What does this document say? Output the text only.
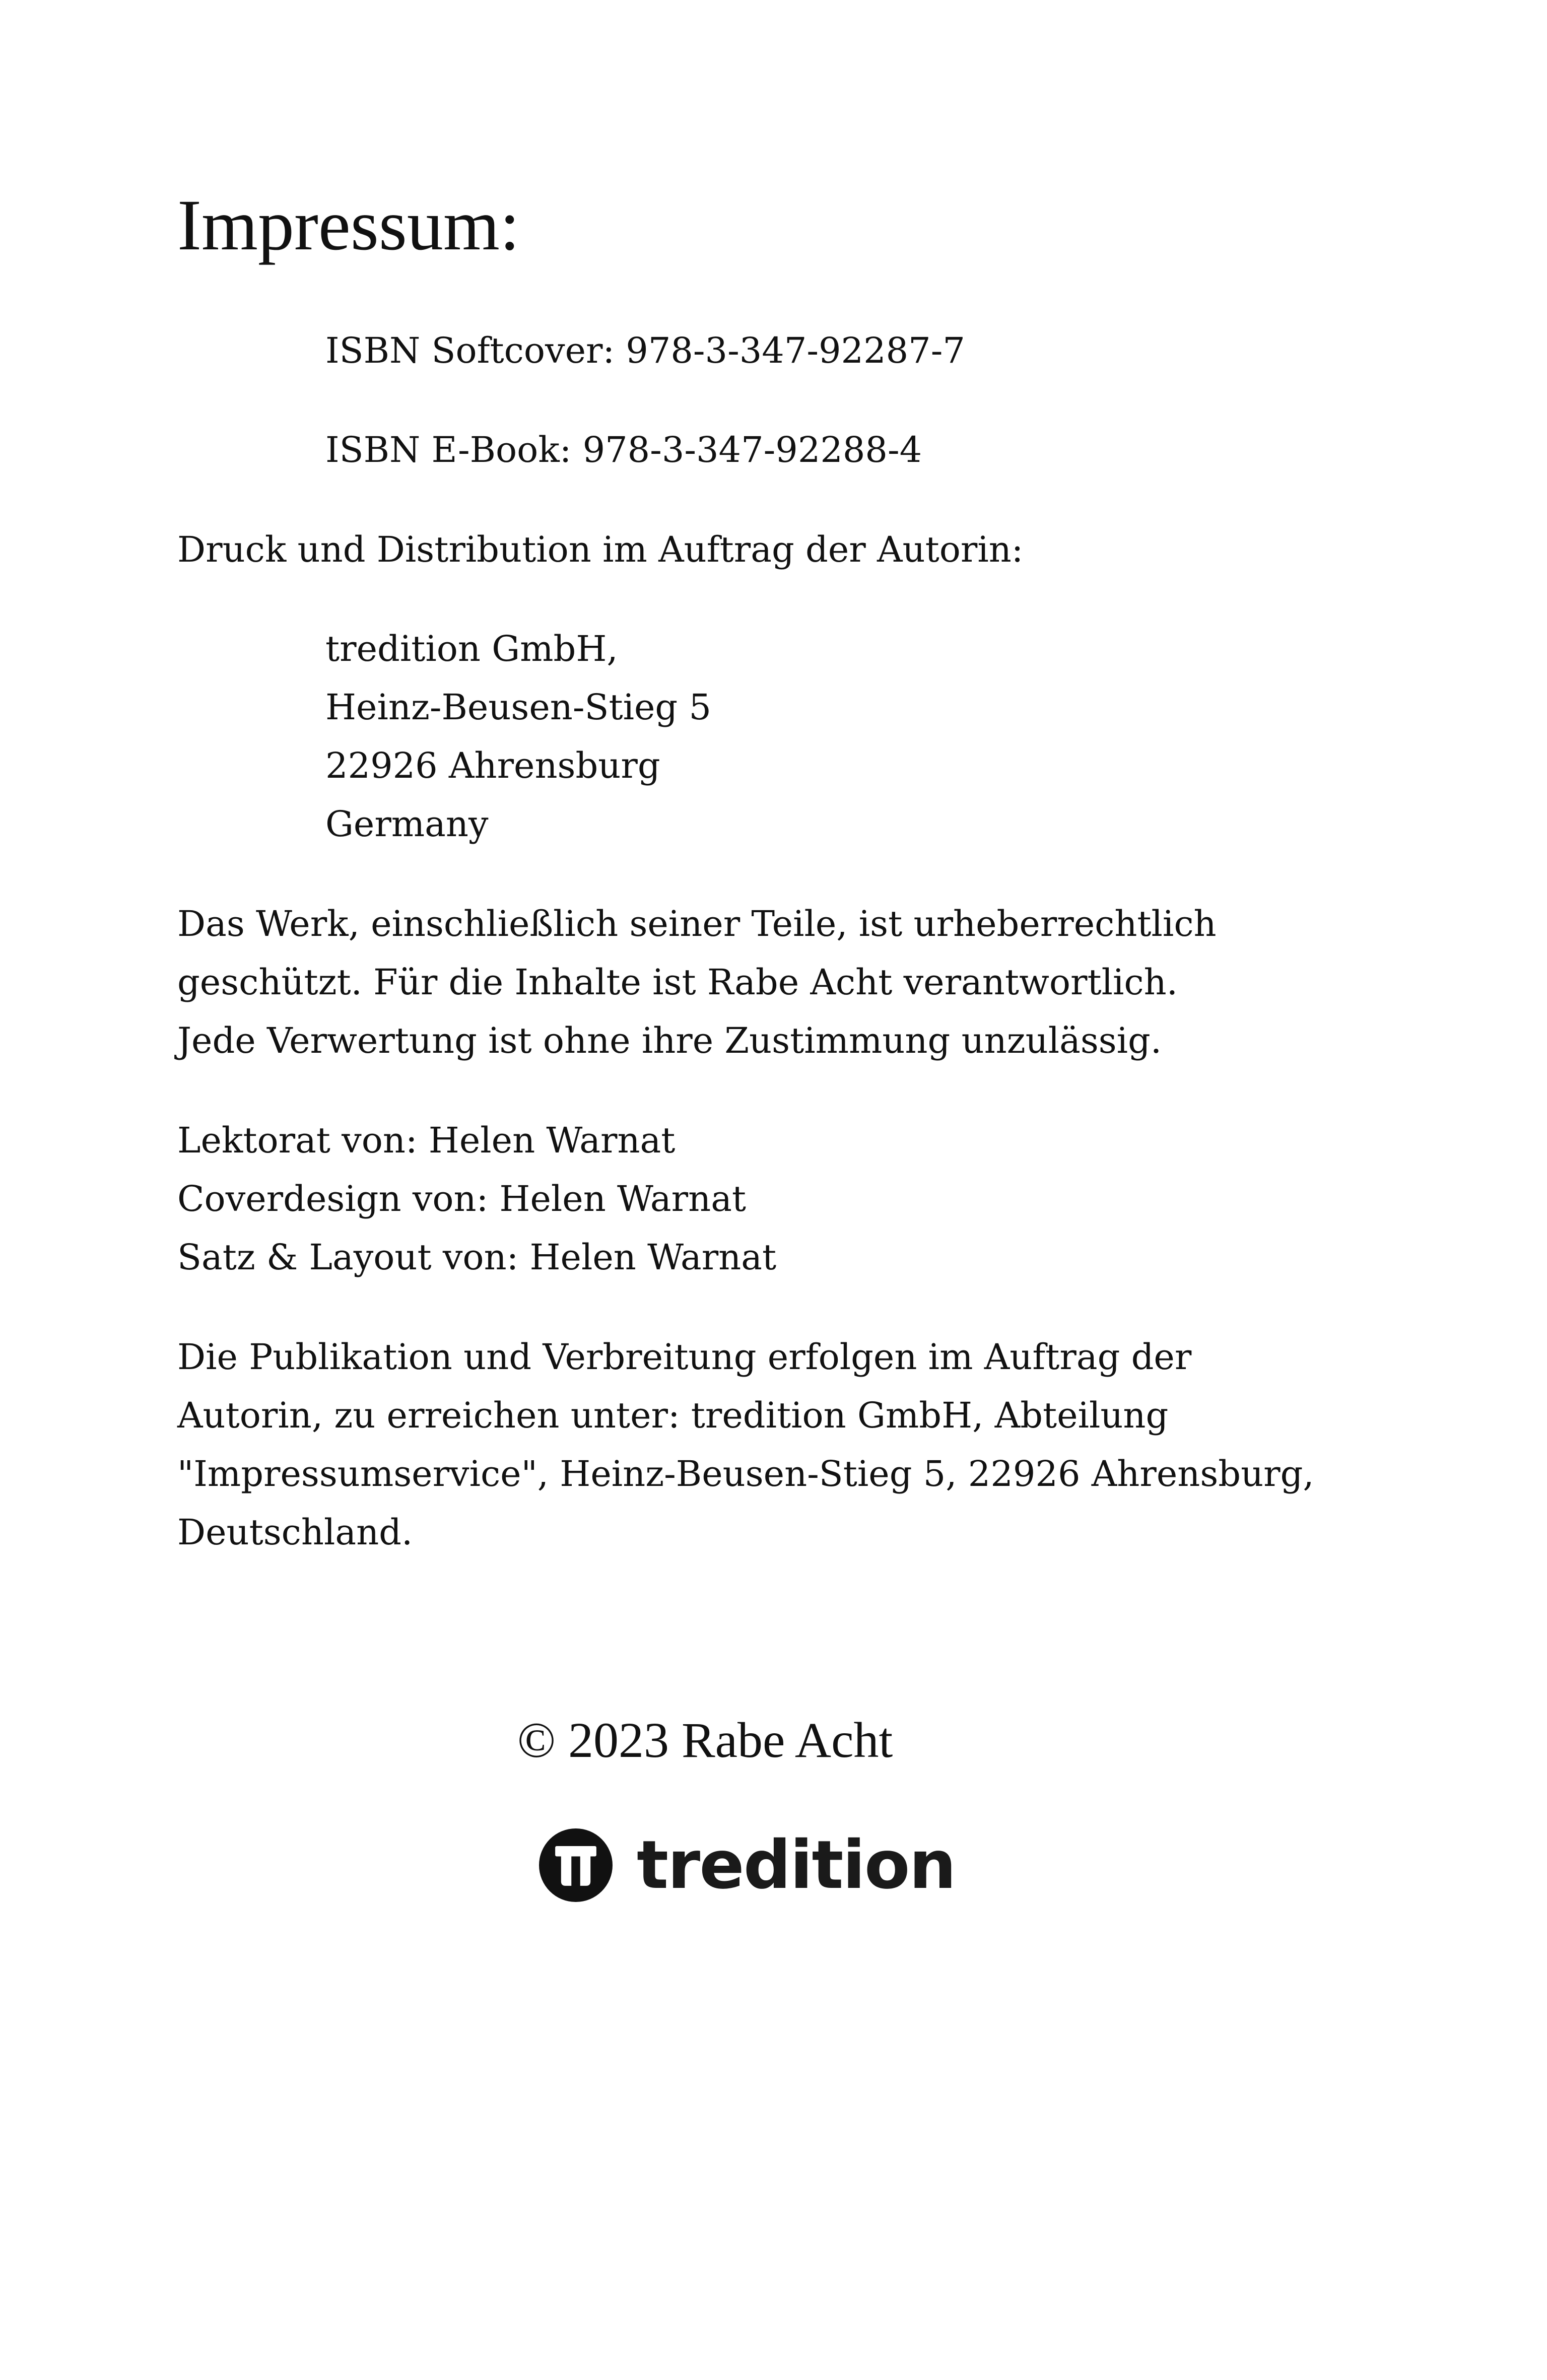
Impressum:
ISBN Softcover: 978-3-347-92287-7
ISBN E-Book: 978-3-347-92288-4
Druck und Distribution im Auftrag der Autorin:
tredition GmbH,
Heinz-Beusen-Stieg 5
22926 Ahrensburg
Germany
Das Werk, einschließlich seiner Teile, ist urheberrechtlich
geschützt. Für die Inhalte ist Rabe Acht verantwortlich.
Jede Verwertung ist ohne ihre Zustimmung unzulässig.
Lektorat von: Helen Warnat
Coverdesign von: Helen Warnat
Satz & Layout von: Helen Warnat
Die Publikation und Verbreitung erfolgen im Auftrag der
Autorin, zu erreichen unter: tredition GmbH, Abteilung
"Impressumservice", Heinz-Beusen-Stieg 5, 22926 Ahrensburg,
Deutschland.
© 2023 Rabe Acht
tredition
